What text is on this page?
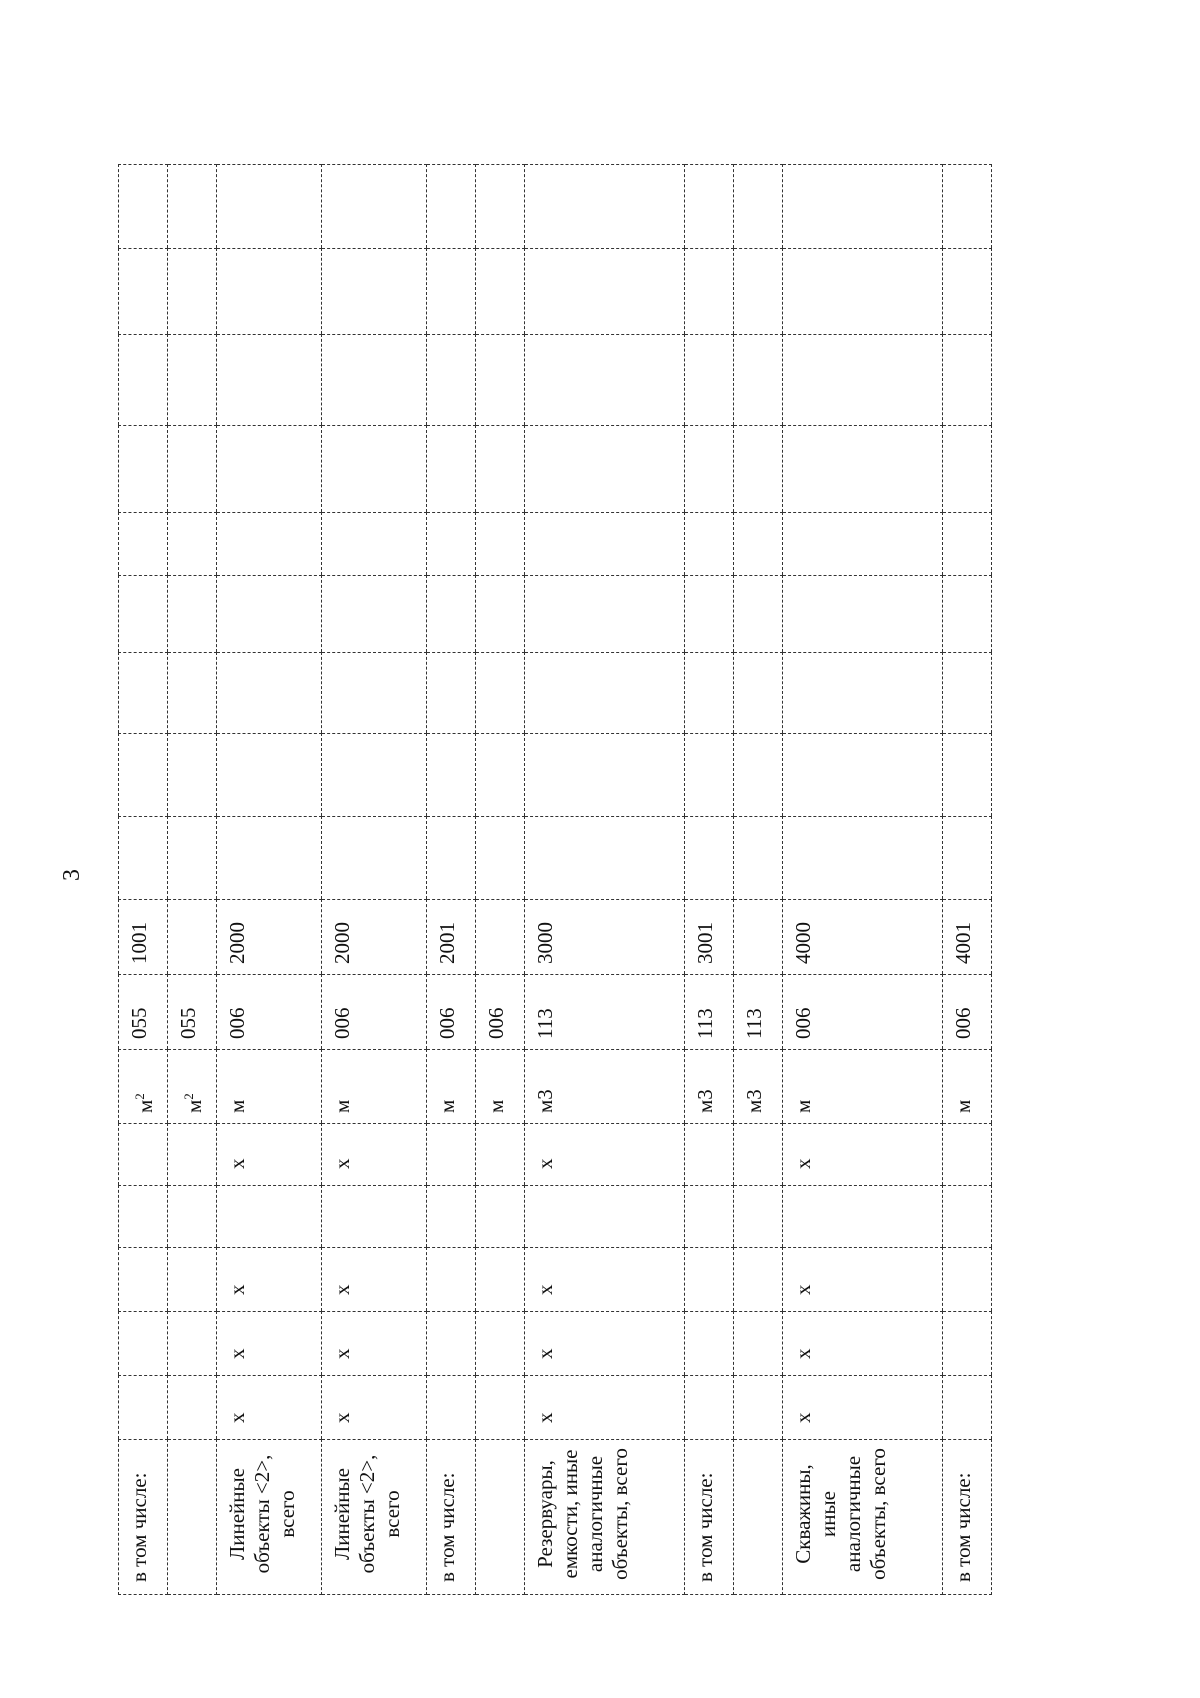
3
в том числе:						$м^2$	055	1001									
						$м^2$	055										
Линейные объекты <2>, всего	х	х	х		х	м	006	2000									
Линейные объекты <2>, всего	х	х	х		х	м	006	2000									
в том числе:						м	006	2001									
						м	006										
Резервуары, емкости, иные аналогичные объекты, всего	х	х	х		х	м3	113	3000									
в том числе:						м3	113	3001									
						м3	113										
Скважины, иные аналогичные объекты, всего	х	х	х		х	м	006	4000									
в том числе:						м	006	4001									
